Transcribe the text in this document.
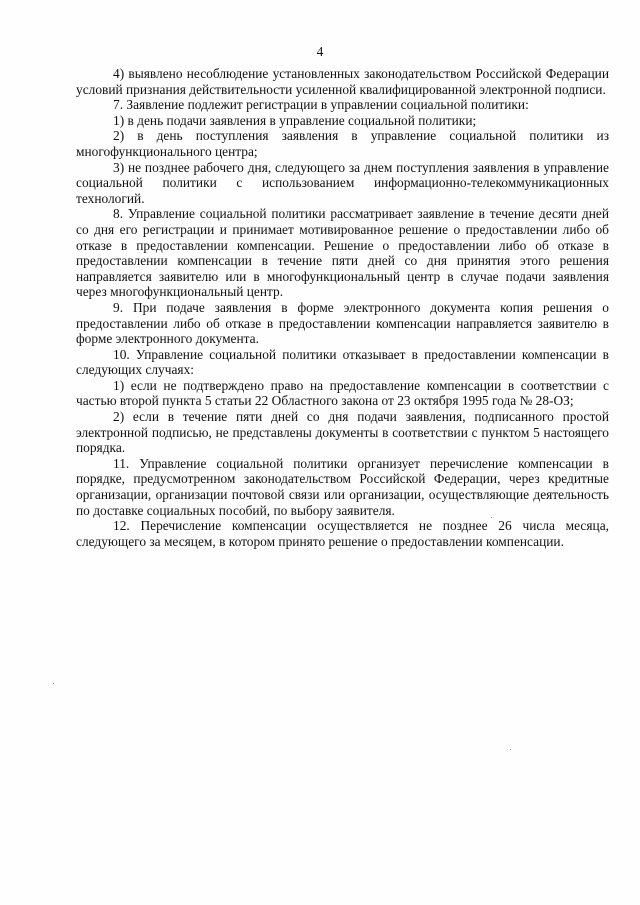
4

4) выявлено несоблюдение установленных законодательством Российской Федерации условий признания действительности усиленной квалифицированной электронной подписи.

7. Заявление подлежит регистрации в управлении социальной политики:

1) в день подачи заявления в управление социальной политики;

2) в день поступления заявления в управление социальной политики из многофункционального центра;

3) не позднее рабочего дня, следующего за днем поступления заявления в управление социальной политики с использованием информационно-телекоммуникационных технологий.

8. Управление социальной политики рассматривает заявление в течение десяти дней со дня его регистрации и принимает мотивированное решение о предоставлении либо об отказе в предоставлении компенсации. Решение о предоставлении либо об отказе в предоставлении компенсации в течение пяти дней со дня принятия этого решения направляется заявителю или в многофункциональный центр в случае подачи заявления через многофункциональный центр.

9. При подаче заявления в форме электронного документа копия решения о предоставлении либо об отказе в предоставлении компенсации направляется заявителю в форме электронного документа.

10. Управление социальной политики отказывает в предоставлении компенсации в следующих случаях:

1) если не подтверждено право на предоставление компенсации в соответствии с частью второй пункта 5 статьи 22 Областного закона от 23 октября 1995 года № 28-ОЗ;

2) если в течение пяти дней со дня подачи заявления, подписанного простой электронной подписью, не представлены документы в соответствии с пунктом 5 настоящего порядка.

11. Управление социальной политики организует перечисление компенсации в порядке, предусмотренном законодательством Российской Федерации, через кредитные организации, организации почтовой связи или организации, осуществляющие деятельность по доставке социальных пособий, по выбору заявителя.

12. Перечисление компенсации осуществляется не позднее 26 числа месяца, следующего за месяцем, в котором принято решение о предоставлении компенсации.
